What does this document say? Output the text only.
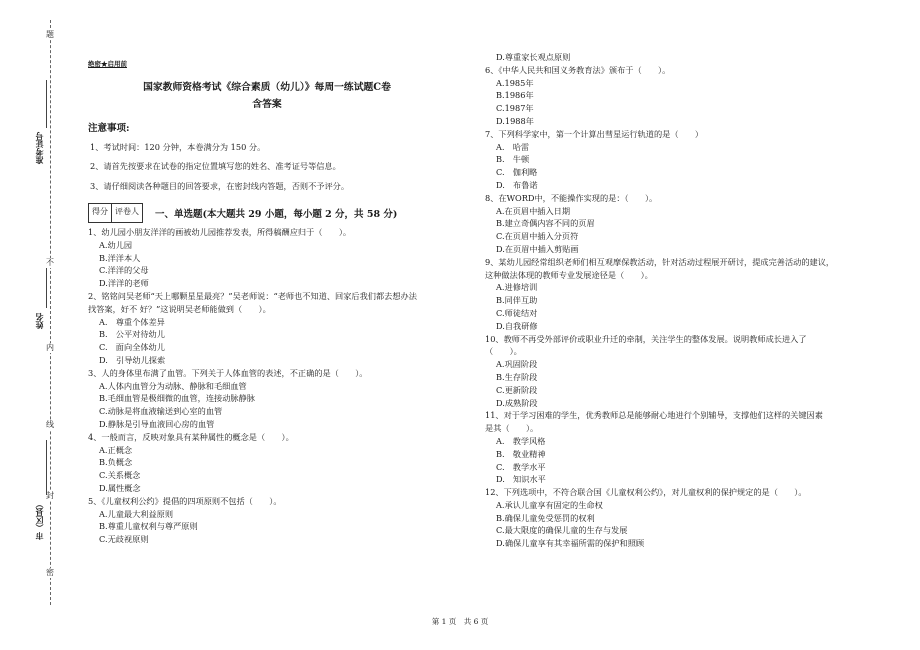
题
不
内
线
封
密
准考证号
姓名
市（区县）
绝密★启用前
国家教师资格考试《综合素质（幼儿）》每周一练试题C卷
含答案
注意事项:
1、考试时间：120 分钟，本卷满分为 150 分。
2、请首先按要求在试卷的指定位置填写您的姓名、准考证号等信息。
3、请仔细阅读各种题目的回答要求，在密封线内答题，否则不予评分。
得分 评卷人	一、单选题(本大题共 29 小题，每小题 2 分，共 58 分)
1、幼儿园小朋友洋洋的画被幼儿园推荐发表，所得稿酬应归于（　　）。
A.幼儿园
B.洋洋本人
C.洋洋的父母
D.洋洋的老师
2、铭铭问吴老师“天上哪颗星星最亮？”吴老师说：“老师也不知道、回家后我们都去想办法
找答案，好不 好？”这说明吴老师能做到（　　）。
A.　尊重个体差异
B.　公平对待幼儿
C.　面向全体幼儿
D.　引导幼儿探索
3、人的身体里布满了血管。下列关于人体血管的表述，不正确的是（　　）。
A.人体内血管分为动脉、静脉和毛细血管
B.毛细血管是极细微的血管，连接动脉静脉
C.动脉是将血液输送到心室的血管
D.静脉是引导血液回心房的血管
4、一般而言，反映对象具有某种属性的概念是（　　）。
A.正概念
B.负概念
C.关系概念
D.属性概念
5、《儿童权利公约》提倡的四项原则不包括（　　）。
A.儿童最大利益原则
B.尊重儿童权利与尊严原则
C.无歧视原则
D.尊重家长观点原则
6、《中华人民共和国义务教育法》颁布于（　　）。
A.1985年
B.1986年
C.1987年
D.1988年
7、下列科学家中，第一个计算出彗星运行轨道的是（　　）
A.　哈雷
B.　牛顿
C.　伽利略
D.　布鲁诺
8、在WORD中，不能操作实现的是：（　　）。
A.在页眉中插入日期
B.建立奇偶内容不同的页眉
C.在页眉中插入分页符
D.在页眉中插入剪贴画
9、某幼儿园经常组织老师们相互观摩保教活动，针对活动过程展开研讨，提成完善活动的建议，
这种做法体现的教师专业发展途径是（　　）。
A.进修培训
B.同伴互助
C.师徒结对
D.自我研修
10、教师不再受外部评价或职业升迁的牵制，关注学生的整体发展。说明教师成长进入了
（　　）。
A.巩固阶段
B.生存阶段
C.更新阶段
D.成熟阶段
11、对于学习困难的学生，优秀教师总是能够耐心地进行个别辅导，支撑他们这样的关键因素
是其（　　）。
A.　教学风格
B.　敬业精神
C.　教学水平
D.　知识水平
12、下列选项中，不符合联合国《儿童权利公约》，对儿童权利的保护规定的是（　　）。
A.承认儿童享有固定的生命权
B.确保儿童免受惩罚的权利
C.最大限度的确保儿童的生存与发展
D.确保儿童享有其幸福所需的保护和照顾
第 1 页　共 6 页
